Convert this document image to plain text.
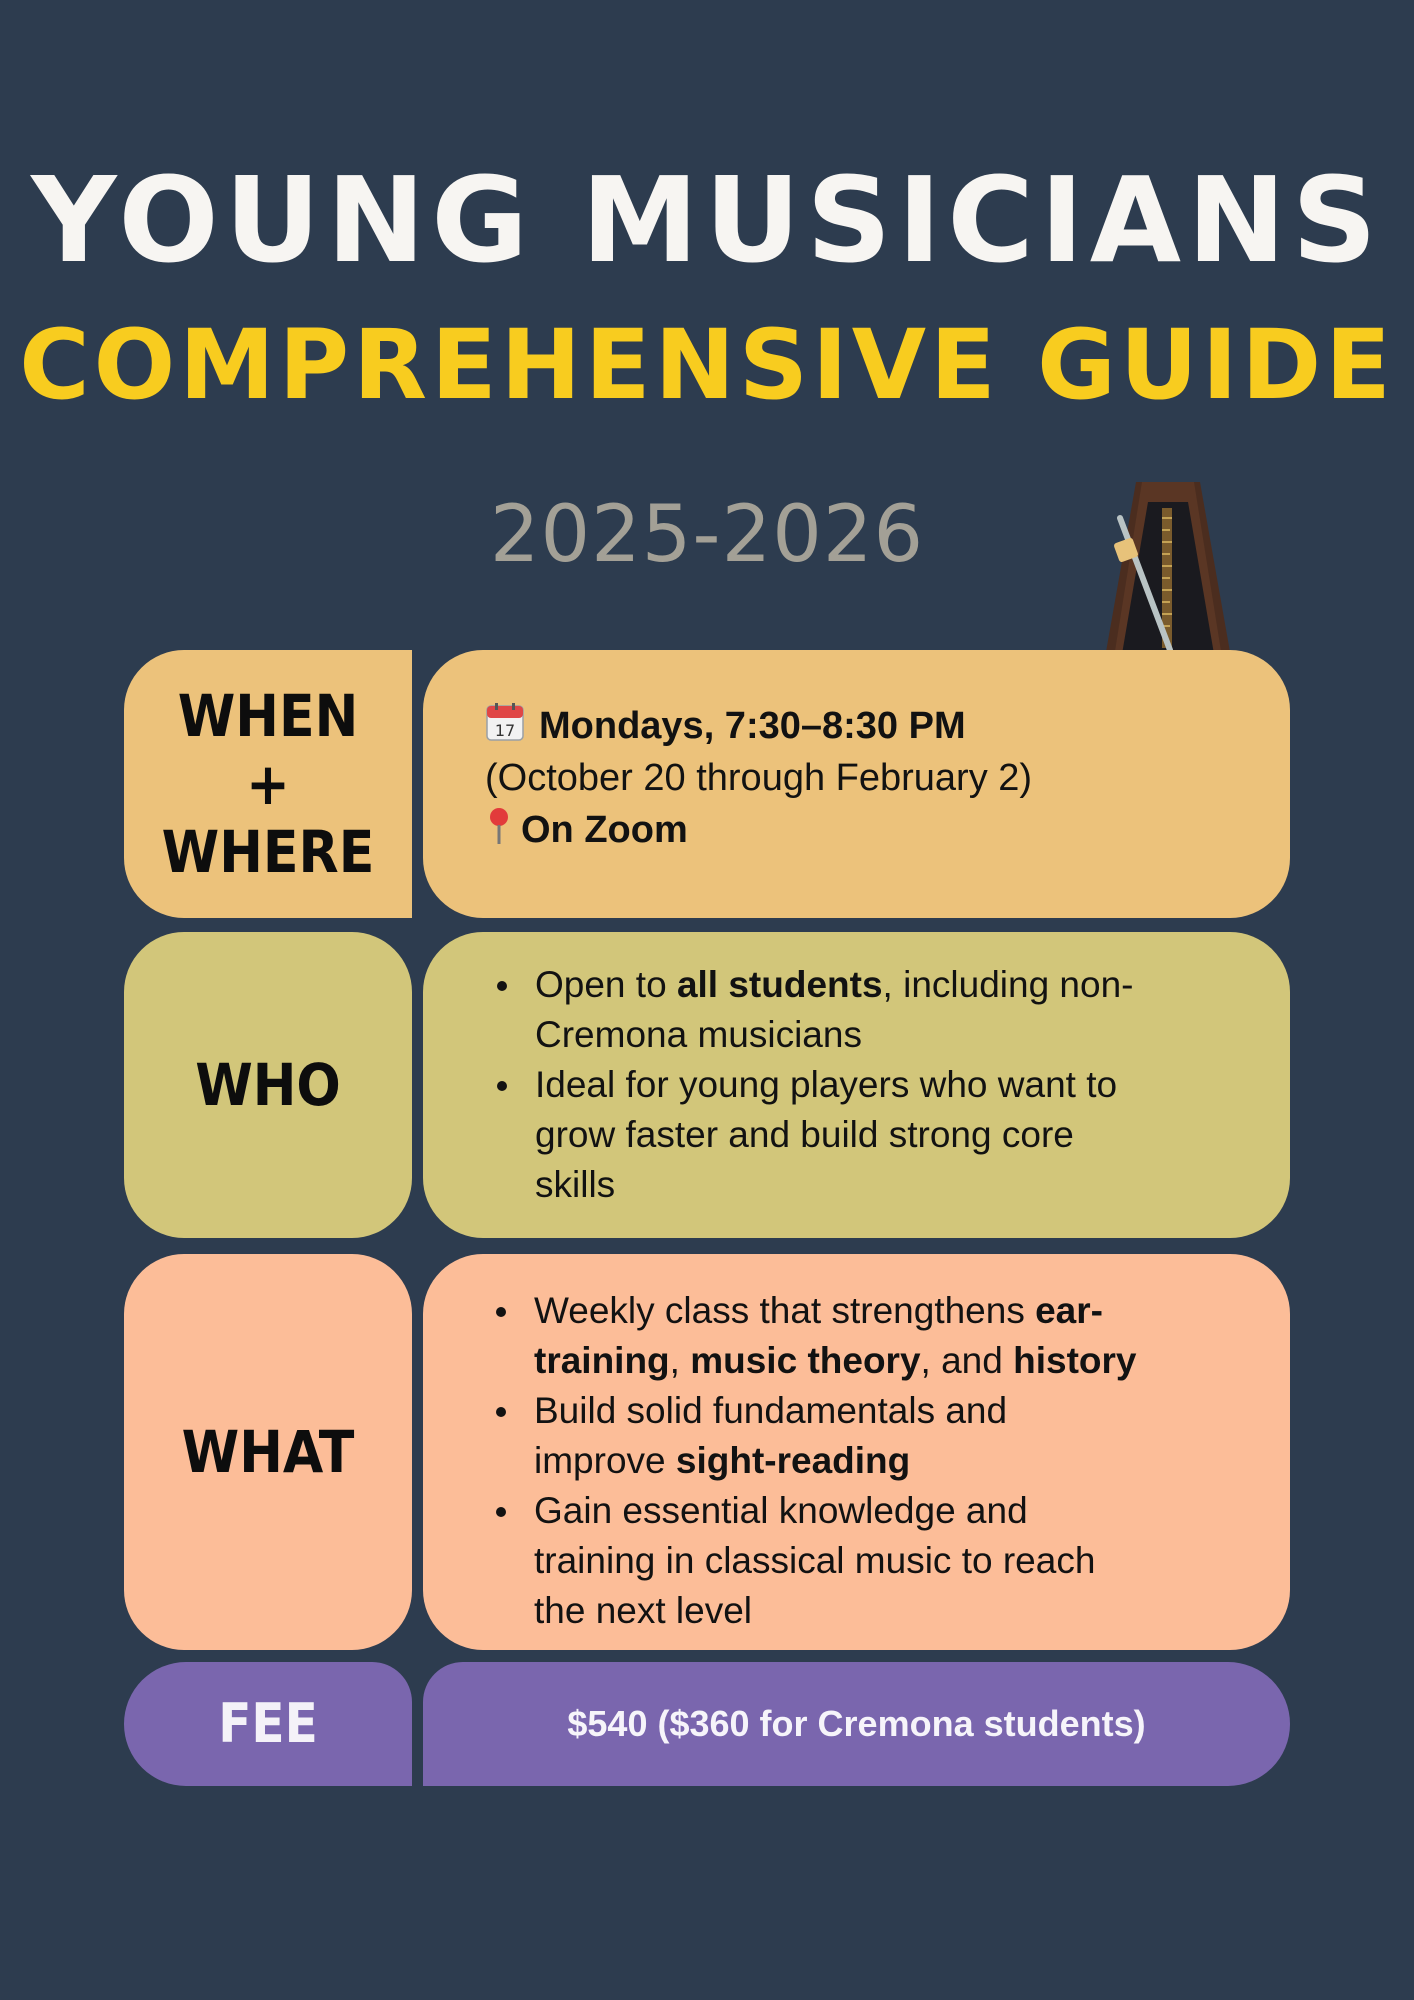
YOUNG MUSICIANS
COMPREHENSIVE GUIDE
2025-2026
WHEN
+
WHERE
17 Mondays, 7:30–8:30 PM
(October 20 through February 2)
On Zoom
WHO
Open to all students, including non-
Cremona musicians
Ideal for young players who want to
grow faster and build strong core
skills
WHAT
Weekly class that strengthens ear-
training, music theory, and history
Build solid fundamentals and
improve sight-reading
Gain essential knowledge and
training in classical music to reach
the next level
FEE	$540 ($360 for Cremona students)
